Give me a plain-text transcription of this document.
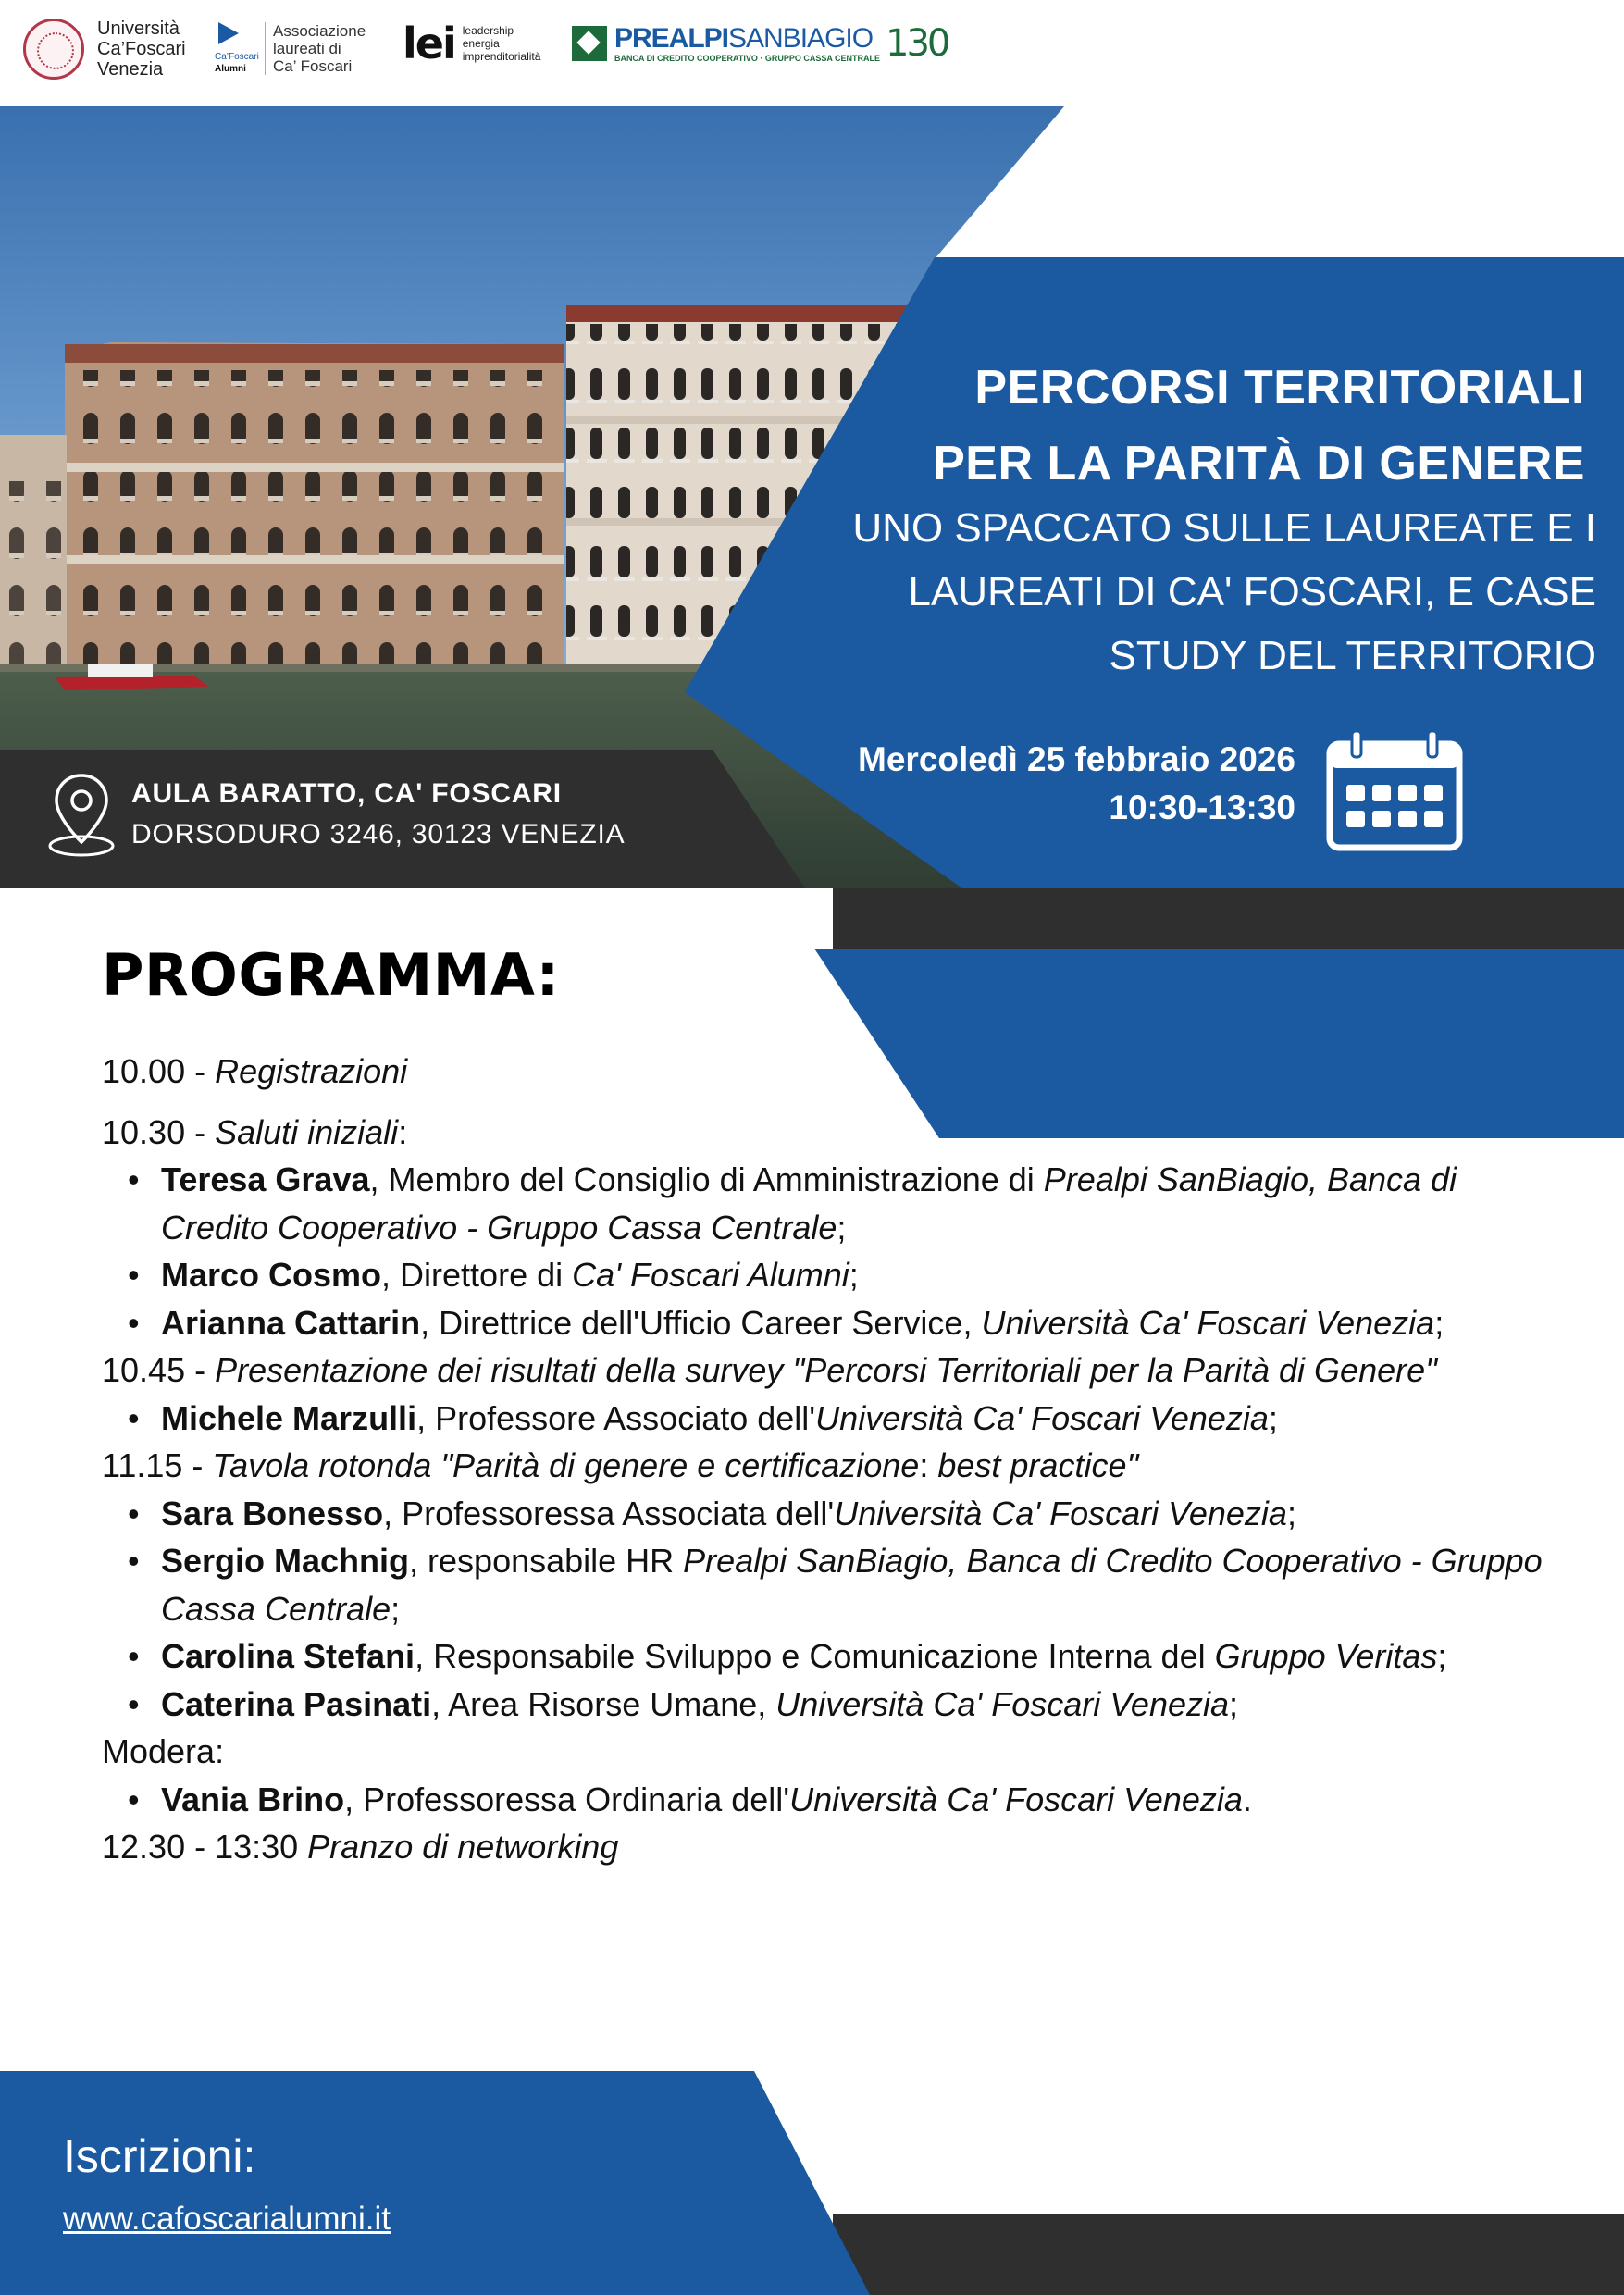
Università
Ca’Foscari
Venezia
Ca’Foscari
Alumni
Associazione
laureati di
Ca’ Foscari	lei leadership
energia
imprenditorialità
PREALPISANBIAGIO
BANCA DI CREDITO COOPERATIVO · GRUPPO CASSA CENTRALE 130
PERCORSI TERRITORIALI
PER LA PARITÀ DI GENERE
UNO SPACCATO SULLE LAUREATE E I
LAUREATI DI CA' FOSCARI, E CASE
STUDY DEL TERRITORIO
AULA BARATTO, CA' FOSCARI
DORSODURO 3246, 30123 VENEZIA
Mercoledì 25 febbraio 2026
10:30-13:30
PROGRAMMA:
10.00 - Registrazioni
10.30 - Saluti iniziali:
• Teresa Grava, Membro del Consiglio di Amministrazione di Prealpi SanBiagio, Banca di Credito Cooperativo - Gruppo Cassa Centrale;
• Marco Cosmo, Direttore di Ca' Foscari Alumni;
• Arianna Cattarin, Direttrice dell'Ufficio Career Service, Università Ca' Foscari Venezia;
10.45 - Presentazione dei risultati della survey "Percorsi Territoriali per la Parità di Genere"
• Michele Marzulli, Professore Associato dell'Università Ca' Foscari Venezia;
11.15 - Tavola rotonda "Parità di genere e certificazione: best practice"
• Sara Bonesso, Professoressa Associata dell'Università Ca' Foscari Venezia;
• Sergio Machnig, responsabile HR Prealpi SanBiagio, Banca di Credito Cooperativo - Gruppo Cassa Centrale;
• Carolina Stefani, Responsabile Sviluppo e Comunicazione Interna del Gruppo Veritas;
• Caterina Pasinati, Area Risorse Umane, Università Ca' Foscari Venezia;
Modera:
• Vania Brino, Professoressa Ordinaria dell'Università Ca' Foscari Venezia.
12.30 - 13:30 Pranzo di networking
Iscrizioni:
www.cafoscarialumni.it
